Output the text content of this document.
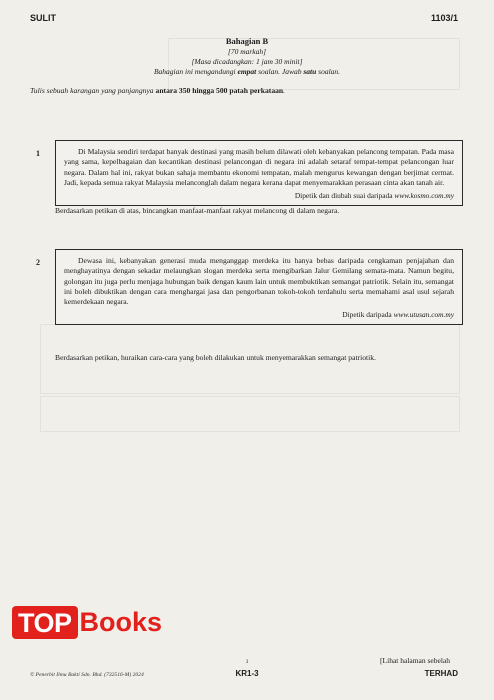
SULIT	1103/1
Bahagian B
[70 markah]
[Masa dicadangkan: 1 jam 30 minit]
Bahagian ini mengandungi empat soalan. Jawab satu soalan.
Tulis sebuah karangan yang panjangnya antara 350 hingga 500 patah perkataan.
1	Di Malaysia sendiri terdapat banyak destinasi yang masih belum dilawati oleh kebanyakan pelancong tempatan. Pada masa yang sama, kepelbagaian dan kecantikan destinasi pelancongan di negara ini adalah setaraf tempat-tempat pelancongan luar negara. Dalam hal ini, rakyat bukan sahaja membantu ekonomi tempatan, malah mengurus kewangan dengan berjimat cermat. Jadi, kepada semua rakyat Malaysia melanconglah dalam negara kerana dapat menyemarakkan perasaan cinta akan tanah air.

Dipetik dan diubah suai daripada www.kosmo.com.my
Berdasarkan petikan di atas, bincangkan manfaat-manfaat rakyat melancong di dalam negara.
2	Dewasa ini, kebanyakan generasi muda menganggap merdeka itu hanya bebas daripada cengkaman penjajahan dan menghayatinya dengan sekadar melaungkan slogan merdeka serta mengibarkan Jalur Gemilang semata-mata. Namun begitu, golongan itu juga perlu menjaga hubungan baik dengan kaum lain untuk membuktikan semangat patriotik. Selain itu, semangat ini boleh dibuktikan dengan cara menghargai jasa dan pengorbanan tokoh-tokoh terdahulu serta memahami asal usul sejarah kemerdekaan negara.

Dipetik daripada www.utusan.com.my
Berdasarkan petikan, huraikan cara-cara yang boleh dilakukan untuk menyemarakkan semangat patriotik.
3
KR1-3
[Lihat halaman sebelah
TERHAD
TOP Books
© Penerbit Ilmu Bakti Sdn. Bhd. (732516-M) 2024
